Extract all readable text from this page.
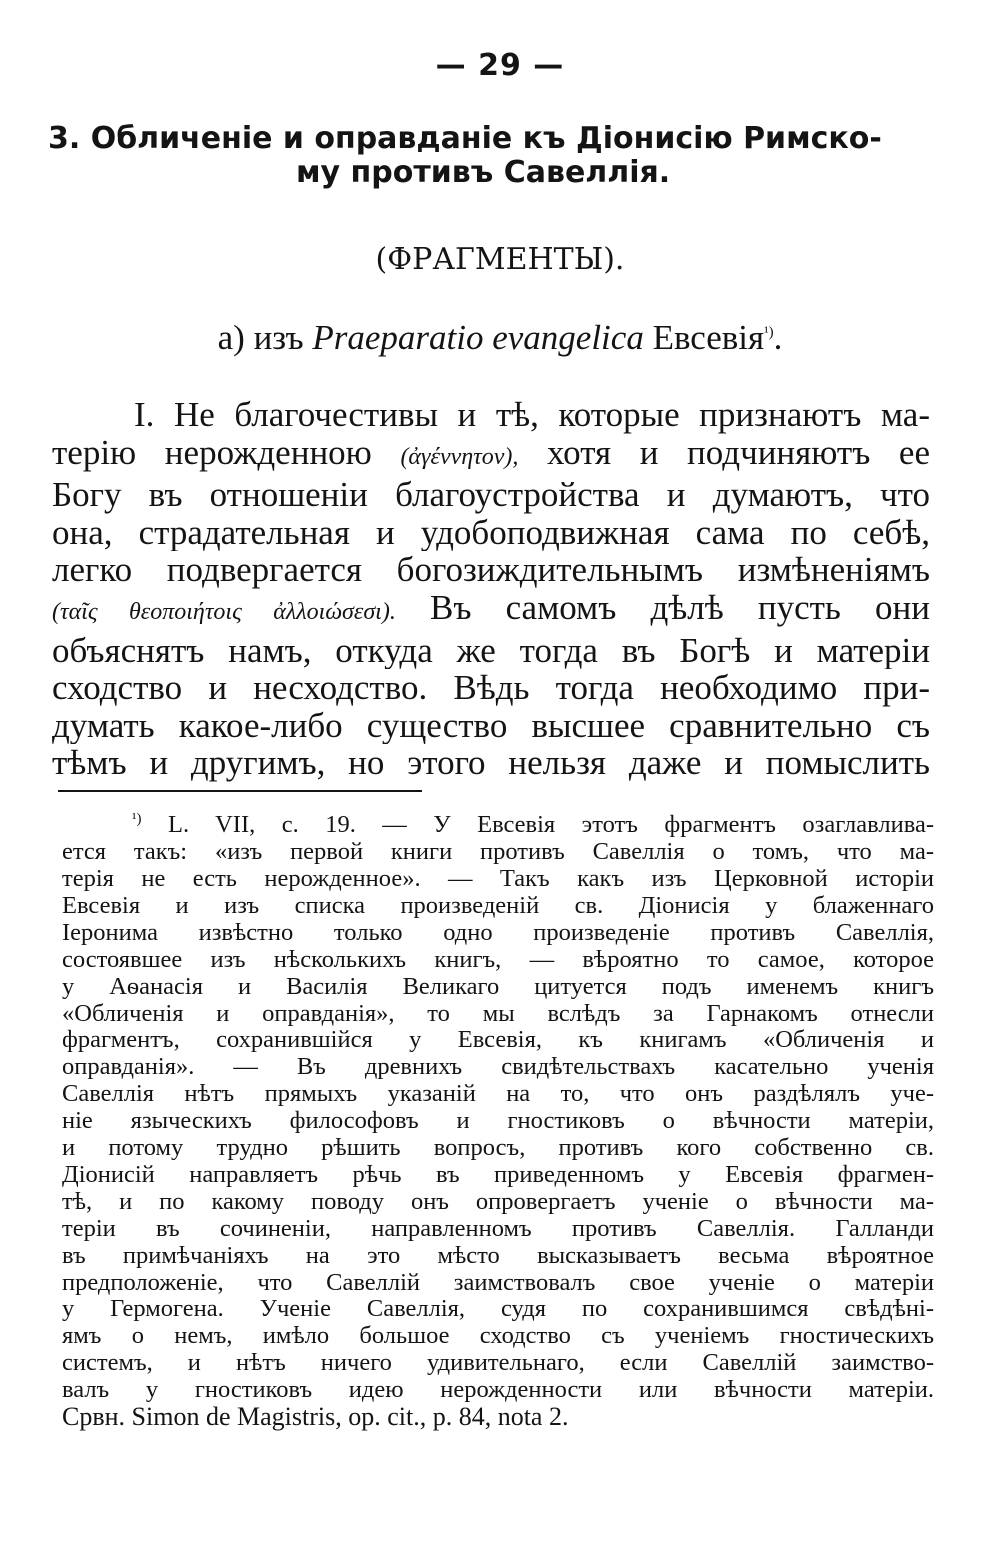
— 29 —
3. Обличеніе и оправданіе къ Діонисію Римско-
му противъ Савеллія.
(ФРАГМЕНТЫ).
а) изъ Praeparatio evangelica Евсевія$^{^1)}$.
I. Не благочестивы и тѣ, которые признаютъ ма-
терію нерожденною (ἀγέννητον), хотя и подчиняютъ ее
Богу въ отношеніи благоустройства и думаютъ, что
она, страдательная и удобоподвижная сама по себѣ,
легко подвергается богозиждительнымъ измѣненіямъ
(ταῖς θεοποιήτοις ἀλλοιώσεσι). Въ самомъ дѣлѣ пусть они
объяснятъ намъ, откуда же тогда въ Богѣ и матеріи
сходство и несходство. Вѣдь тогда необходимо при-
думать какое-либо существо высшее сравнительно съ
тѣмъ и другимъ, но этого нельзя даже и помыслить
$^{^1)}$ L. VII, c. 19. — У Евсевія этотъ фрагментъ озаглавлива-
ется такъ: «изъ первой книги противъ Савеллія о томъ, что ма-
терія не есть нерожденное». — Такъ какъ изъ Церковной исторіи
Евсевія и изъ списка произведеній св. Діонисія у блаженнаго
Іеронима извѣстно только одно произведеніе противъ Савеллія,
состоявшее изъ нѣсколькихъ книгъ, — вѣроятно то самое, которое
у Аѳанасія и Василія Великаго цитуется подъ именемъ книгъ
«Обличенія и оправданія», то мы вслѣдъ за Гарнакомъ отнесли
фрагментъ, сохранившійся у Евсевія, къ книгамъ «Обличенія и
оправданія». — Въ древнихъ свидѣтельствахъ касательно ученія
Савеллія нѣтъ прямыхъ указаній на то, что онъ раздѣлялъ уче-
ніе языческихъ философовъ и гностиковъ о вѣчности матеріи,
и потому трудно рѣшить вопросъ, противъ кого собственно св.
Діонисій направляетъ рѣчь въ приведенномъ у Евсевія фрагмен-
тѣ, и по какому поводу онъ опровергаетъ ученіе о вѣчности ма-
теріи въ сочиненіи, направленномъ противъ Савеллія. Галланди
въ примѣчаніяхъ на это мѣсто высказываетъ весьма вѣроятное
предположеніе, что Савеллій заимствовалъ свое ученіе о матеріи
у Гермогена. Ученіе Савеллія, судя по сохранившимся свѣдѣні-
ямъ о немъ, имѣло большое сходство съ ученіемъ гностическихъ
системъ, и нѣтъ ничего удивительнаго, если Савеллій заимство-
валъ у гностиковъ идею нерожденности или вѣчности матеріи.
Срвн. Simon de Magistris, op. cit., p. 84, nota 2.
